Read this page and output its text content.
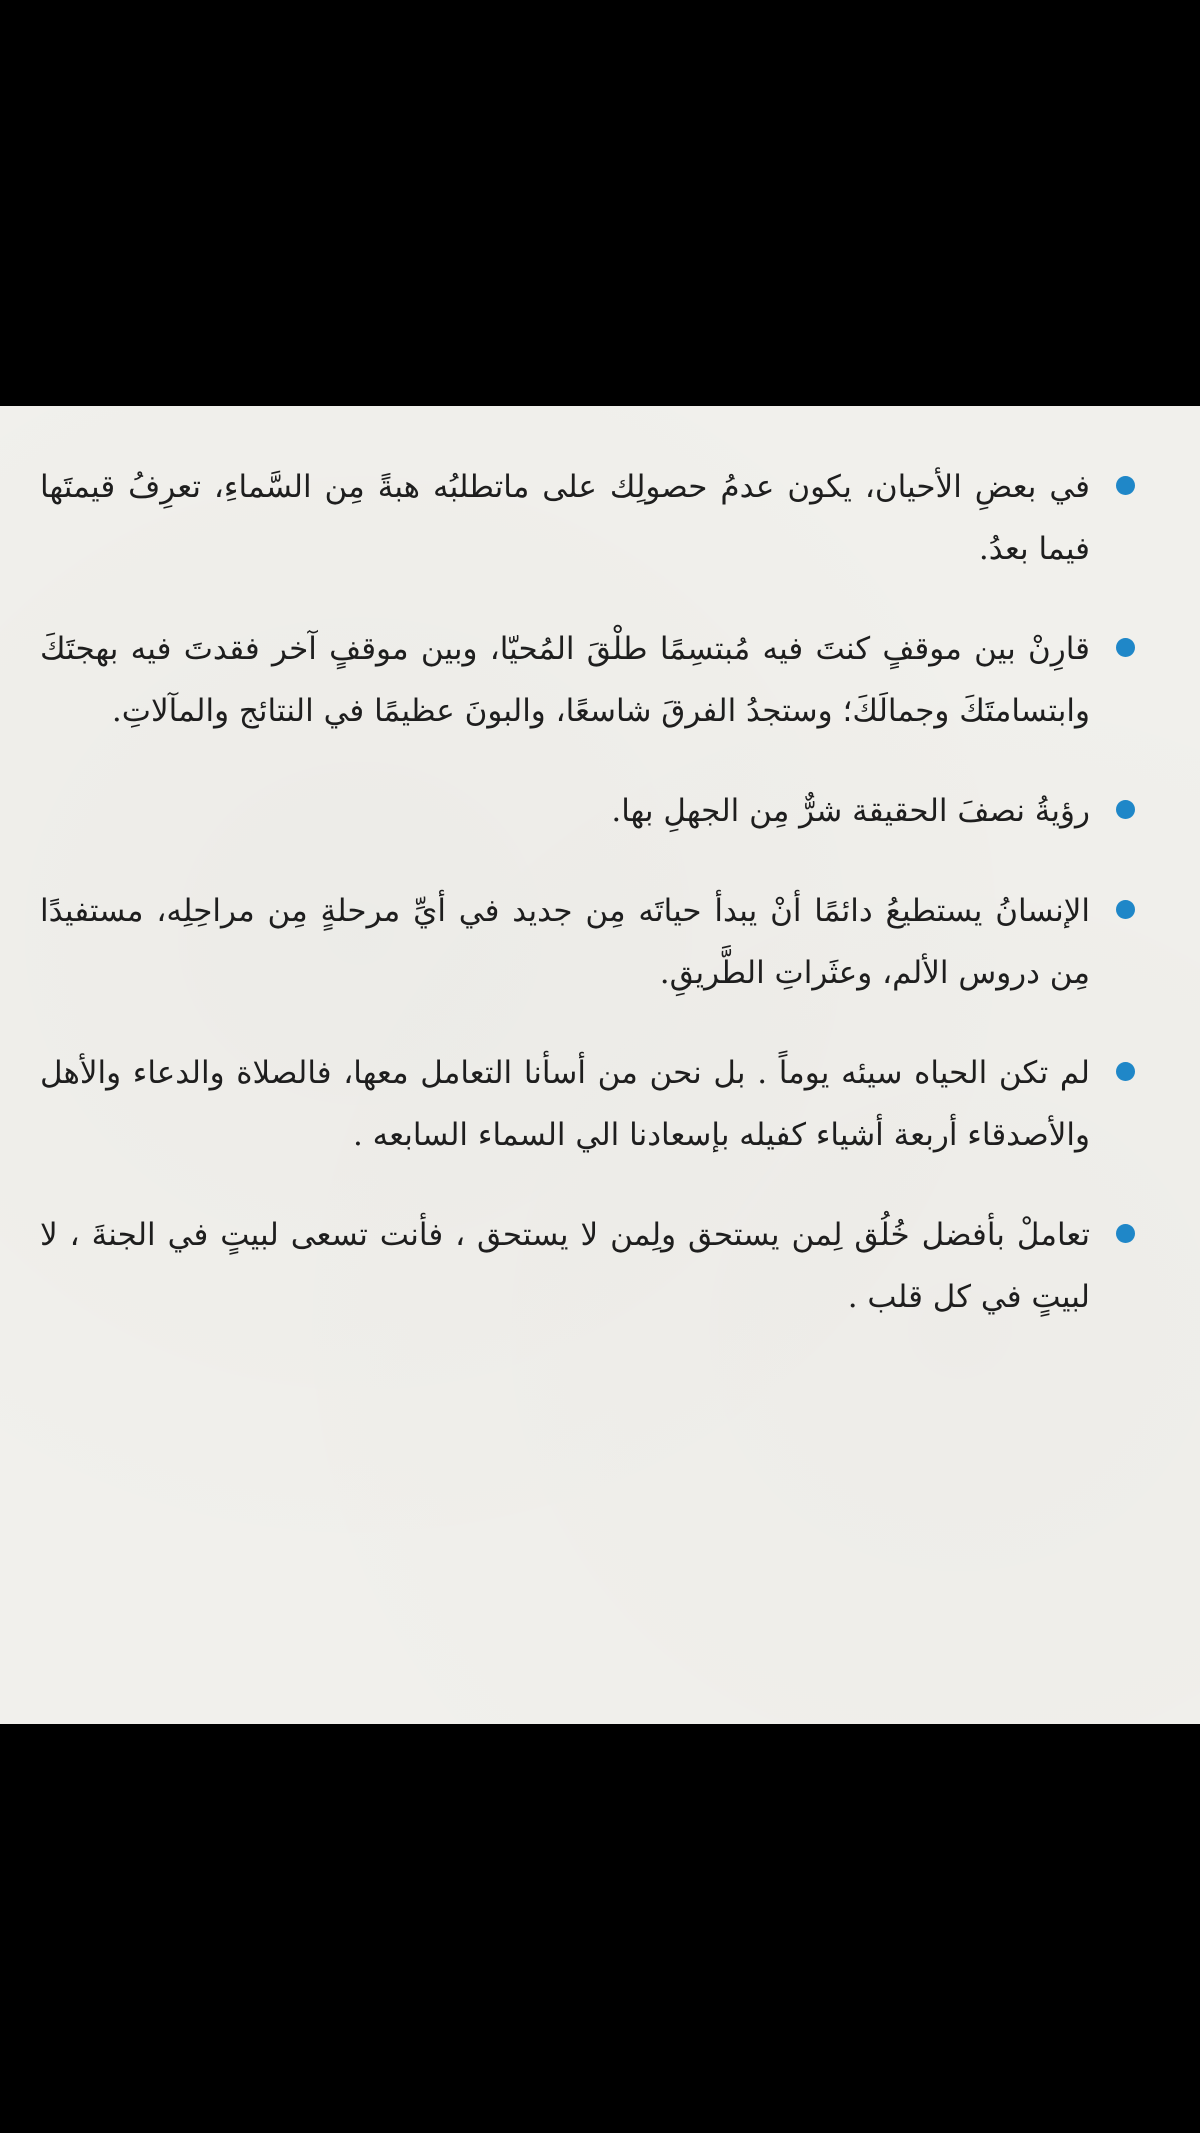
في بعضِ الأحيان، يكون عدمُ حصولِك على ماتطلبُه هبةً مِن السَّماءِ، تعرِفُ قيمتَها فيما بعدُ.
قارِنْ بين موقفٍ كنتَ فيه مُبتسِمًا طلْقَ المُحيّا، وبين موقفٍ آخر فقدتَ فيه بهجتَكَ وابتسامتَكَ وجمالَكَ؛ وستجدُ الفرقَ شاسعًا، والبونَ عظيمًا في النتائج والمآلاتِ.
رؤيةُ نصفَ الحقيقة شرٌّ مِن الجهلِ بها.
الإنسانُ يستطيعُ دائمًا أنْ يبدأ حياتَه مِن جديد في أيِّ مرحلةٍ مِن مراحِلِه، مستفيدًا مِن دروس الألم، وعثَراتِ الطَّريقِ.
لم تكن الحياه سيئه يوماً . بل نحن من أسأنا التعامل معها، فالصلاة والدعاء والأهل والأصدقاء أربعة أشياء كفيله بإسعادنا الي السماء السابعه .
تعاملْ بأفضل خُلُق لِمن يستحق ولِمن لا يستحق ، فأنت تسعى لبيتٍ في الجنةَ ، لا لبيتٍ في كل قلب .
